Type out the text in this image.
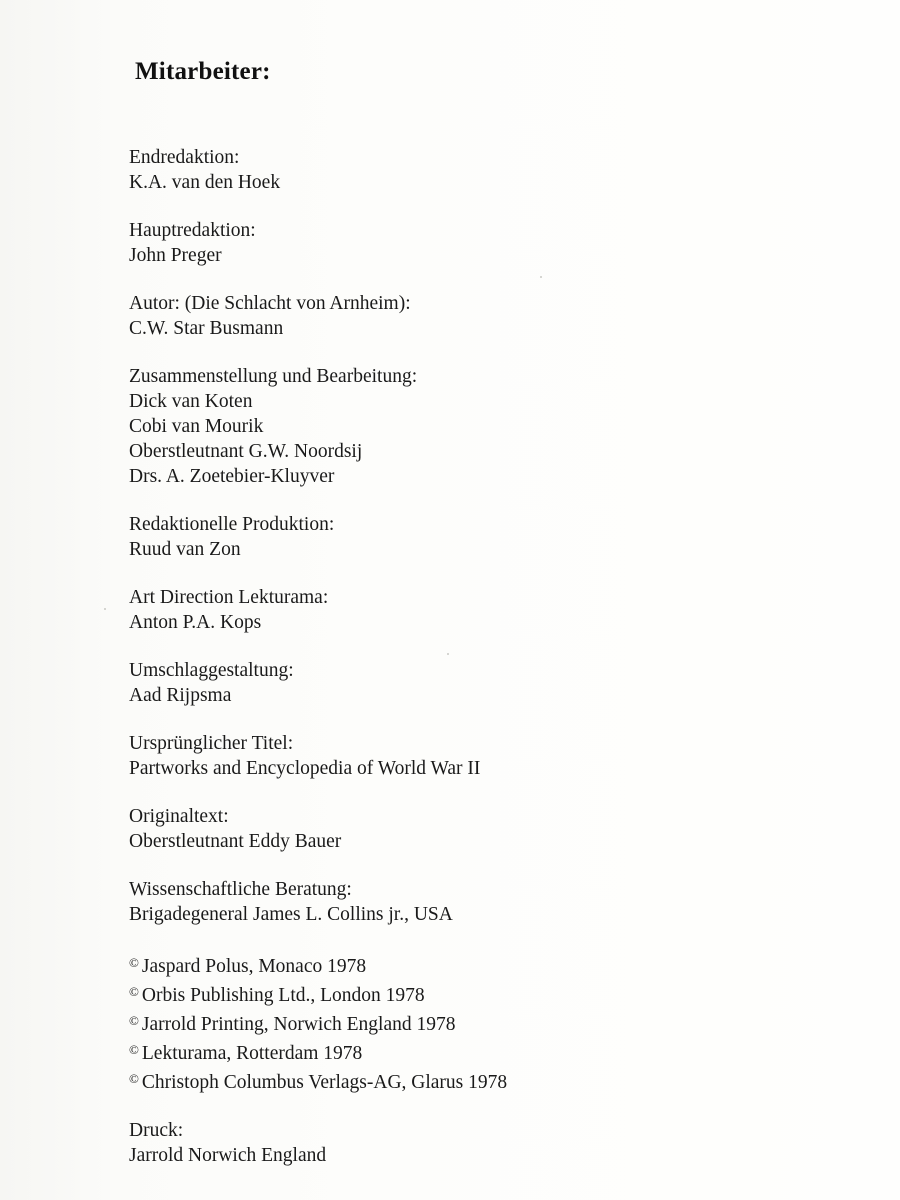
Mitarbeiter:
Endredaktion:
K.A. van den Hoek
Hauptredaktion:
John Preger
Autor: (Die Schlacht von Arnheim):
C.W. Star Busmann
Zusammenstellung und Bearbeitung:
Dick van Koten
Cobi van Mourik
Oberstleutnant G.W. Noordsij
Drs. A. Zoetebier-Kluyver
Redaktionelle Produktion:
Ruud van Zon
Art Direction Lekturama:
Anton P.A. Kops
Umschlaggestaltung:
Aad Rijpsma
Ursprünglicher Titel:
Partworks and Encyclopedia of World War II
Originaltext:
Oberstleutnant Eddy Bauer
Wissenschaftliche Beratung:
Brigadegeneral James L. Collins jr., USA
© Jaspard Polus, Monaco 1978
© Orbis Publishing Ltd., London 1978
© Jarrold Printing, Norwich England 1978
© Lekturama, Rotterdam 1978
© Christoph Columbus Verlags-AG, Glarus 1978
Druck:
Jarrold Norwich England
